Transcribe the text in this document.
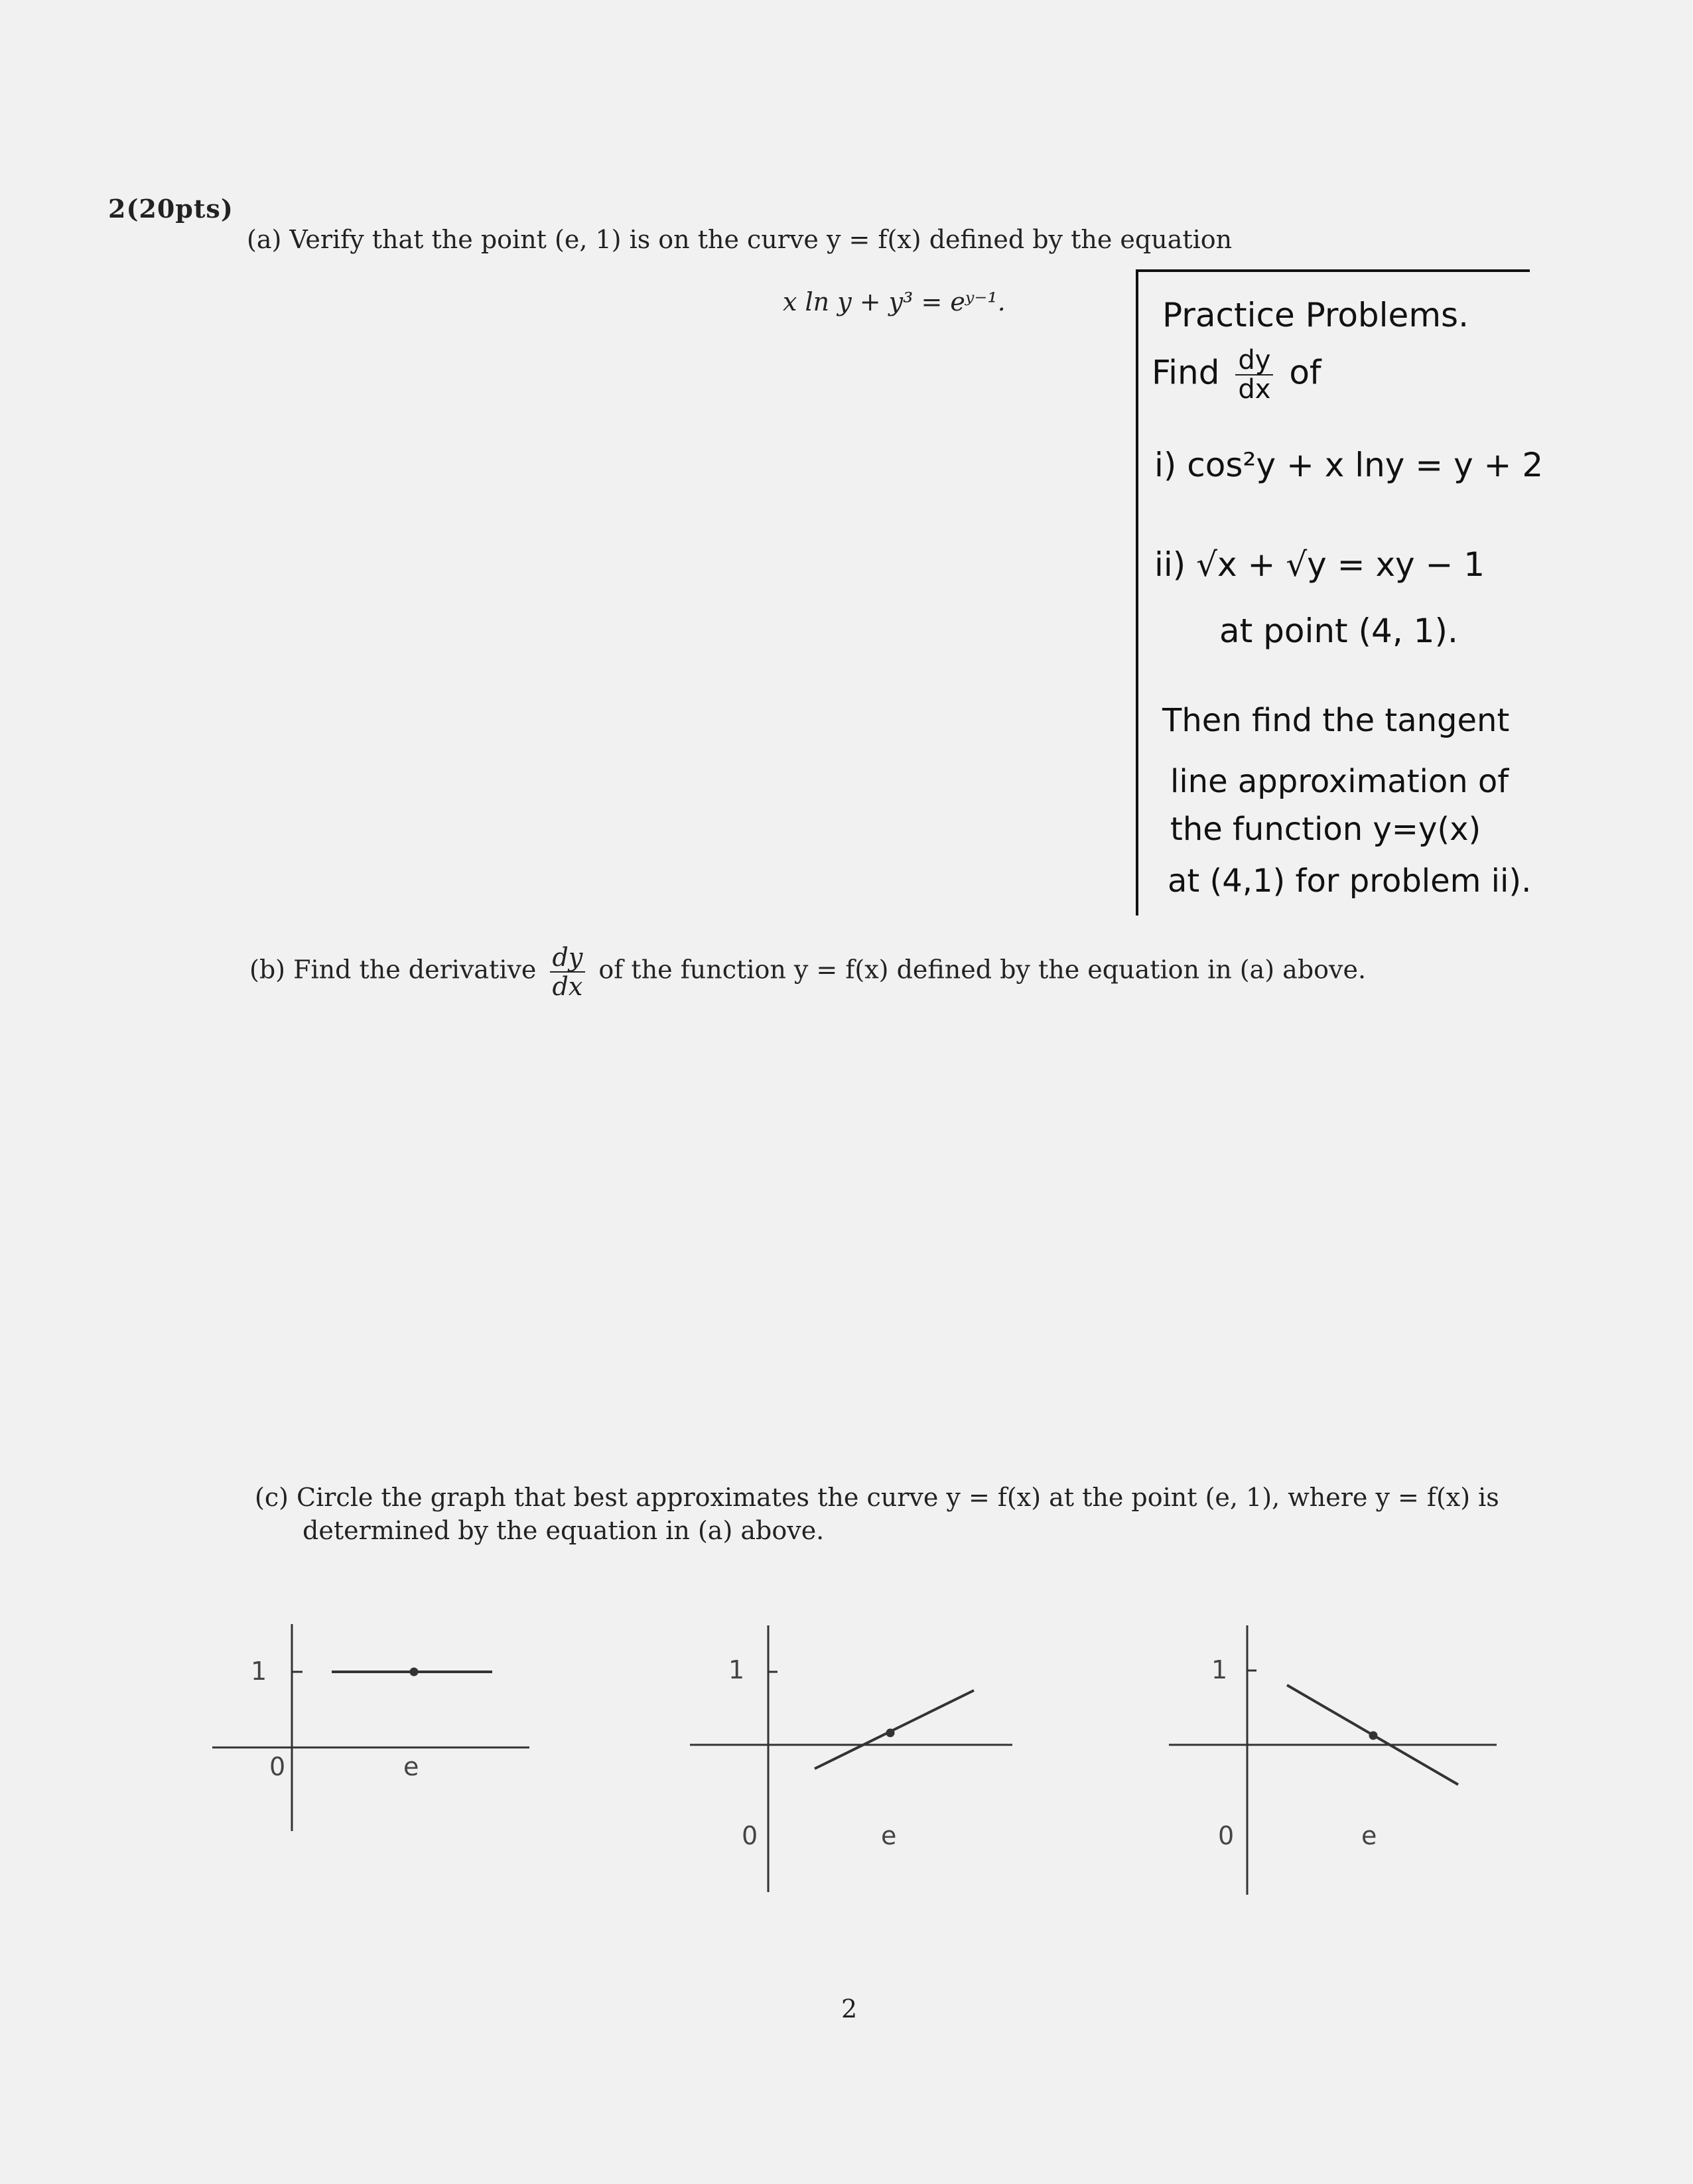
2(20pts)
(a) Verify that the point (e, 1) is on the curve y = f(x) defined by the equation
x ln y + y³ = eʸ⁻¹.	Practice Problems.
Find $\frac{dy}{dx}$ of
i) cos²y + x lny = y + 2
ii) √x + √y = xy − 1
at point (4, 1).
Then find the tangent
line approximation of
the function y=y(x)
at (4,1) for problem ii).
(b) Find the derivative $\frac{dy}{dx}$ of the function y = f(x) defined by the equation in (a) above.
(c) Circle the graph that best approximates the curve y = f(x) at the point (e, 1), where y = f(x) is
determined by the equation in (a) above.
1
0	e
1
0	e
1
0	e
2
